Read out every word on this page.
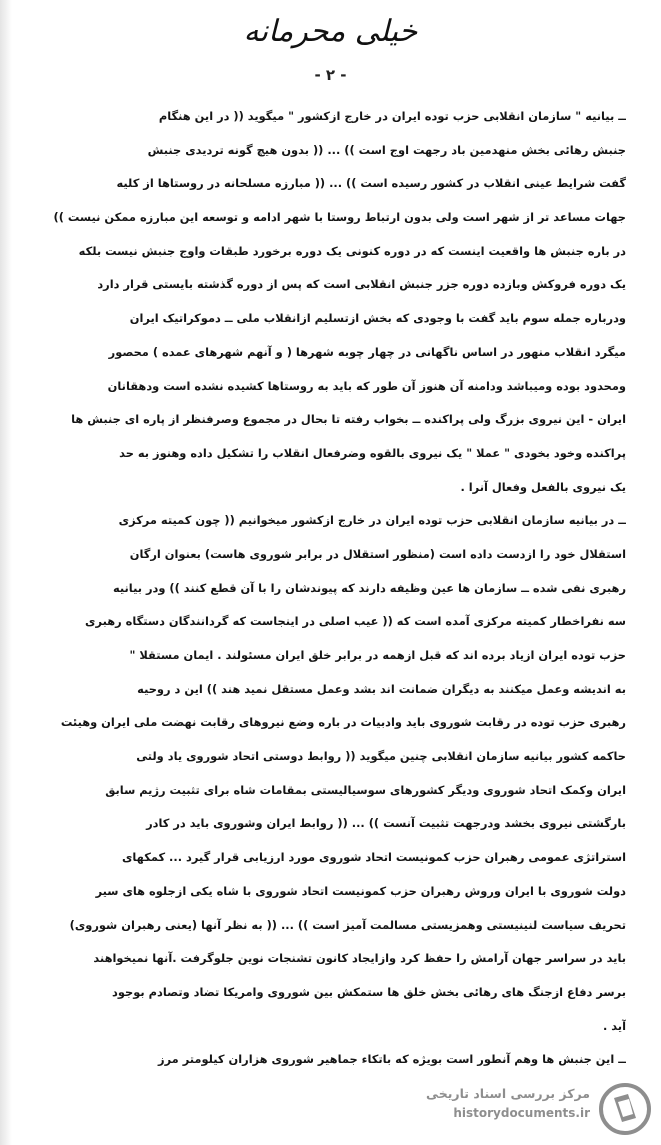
خیلی محرمانه
- ۲ -
ــ بیانیه " سازمان انقلابی حزب توده ایران در خارج ازکشور " میگوید (( در این هنگام
جنبش رهائی بخش منهدمین باد رجهت اوج است )) ... (( بدون هیچ گونه تردیدی جنبش
گفت شرایط عینی انقلاب در کشور رسیده است )) ... (( مبارزه مسلحانه در روستاها از کلیه
جهات مساعد تر از شهر است ولی بدون ارتباط روستا با شهر ادامه و توسعه این مبارزه ممکن نیست ))
در باره جنبش ها واقعیت اینست که در دوره کنونی یک دوره برخورد طبقات واوج جنبش نیست بلکه
یک دوره فروکش وبازده دوره جزر جنبش انقلابی است که پس از دوره گذشته بایستی قرار دارد
ودرباره جمله سوم باید گفت با وجودی که بخش ازتسلیم ازانقلاب ملی ــ دموکراتیک ایران
میگرد انقلاب منهور در اساس ناگهانی در چهار چوبه شهرها ( و آنهم شهرهای عمده ) محصور
ومحدود بوده ومیباشد ودامنه آن هنوز آن طور که باید به روستاها کشیده نشده است ودهقانان
ایران - این نیروی بزرگ ولی پراکنده ــ بخواب رفته تا بحال در مجموع وصرفنظر از پاره ای جنبش ها
پراکنده وخود بخودی " عملا " یک نیروی بالقوه وضرفعال انقلاب را تشکیل داده وهنوز به حد
یک نیروی بالفعل وفعال آنرا .
ــ در بیانیه سازمان انقلابی حزب توده ایران در خارج ازکشور میخوانیم (( چون کمیته مرکزی
استقلال خود را ازدست داده است (منظور استقلال در برابر شوروی هاست) بعنوان ارگان
رهبری نفی شده ــ سازمان ها عین وظیفه دارند که پیوندشان را با آن قطع کنند )) ودر بیانیه
سه نفراخطار کمیته مرکزی آمده است که (( عیب اصلی در اینجاست که گردانندگان دستگاه رهبری
حزب توده ایران ازیاد برده اند که قبل ازهمه در برابر خلق ایران مسئولند . ایمان مستقلا "
به اندیشه وعمل میکنند به دیگران ضمانت اند بشد وعمل مستقل نمید هند )) این د روحیه
رهبری حزب توده در رقابت شوروی باید وادبیات در باره وضع نیروهای رقابت نهضت ملی ایران وهیئت
حاکمه کشور بیانیه سازمان انقلابی چنین میگوید (( روابط دوستی اتحاد شوروی یاد ولتی
ایران وکمک اتحاد شوروی ودیگر کشورهای سوسیالیستی بمقامات شاه برای تثبیت رژیم سابق
بارگشتی نیروی بخشد ودرجهت تثبیت آنست )) ... (( روابط ایران وشوروی باید در کادر
استراتژی عمومی رهبران حزب کمونیست اتحاد شوروی مورد ارزیابی قرار گیرد ... کمکهای
دولت شوروی با ایران وروش رهبران حزب کمونیست اتحاد شوروی با شاه یکی ازجلوه های سیر
تحریف سیاست لنینیستی وهمزیستی مسالمت آمیز است )) ... (( به نظر آنها (یعنی رهبران شوروی)
باید در سراسر جهان آرامش را حفظ کرد وازایجاد کانون تشنجات نوین جلوگرفت .آنها نمیخواهند
برسر دفاع ازجنگ های رهائی بخش خلق ها ستمکش بین شوروی وامریکا تضاد وتصادم بوجود
آید .
ــ این جنبش ها وهم آنطور است بویژه که باتکاء جماهیر شوروی هزاران کیلومتر مرز
مرکز بررسی اسناد تاریخی
historydocuments.ir
